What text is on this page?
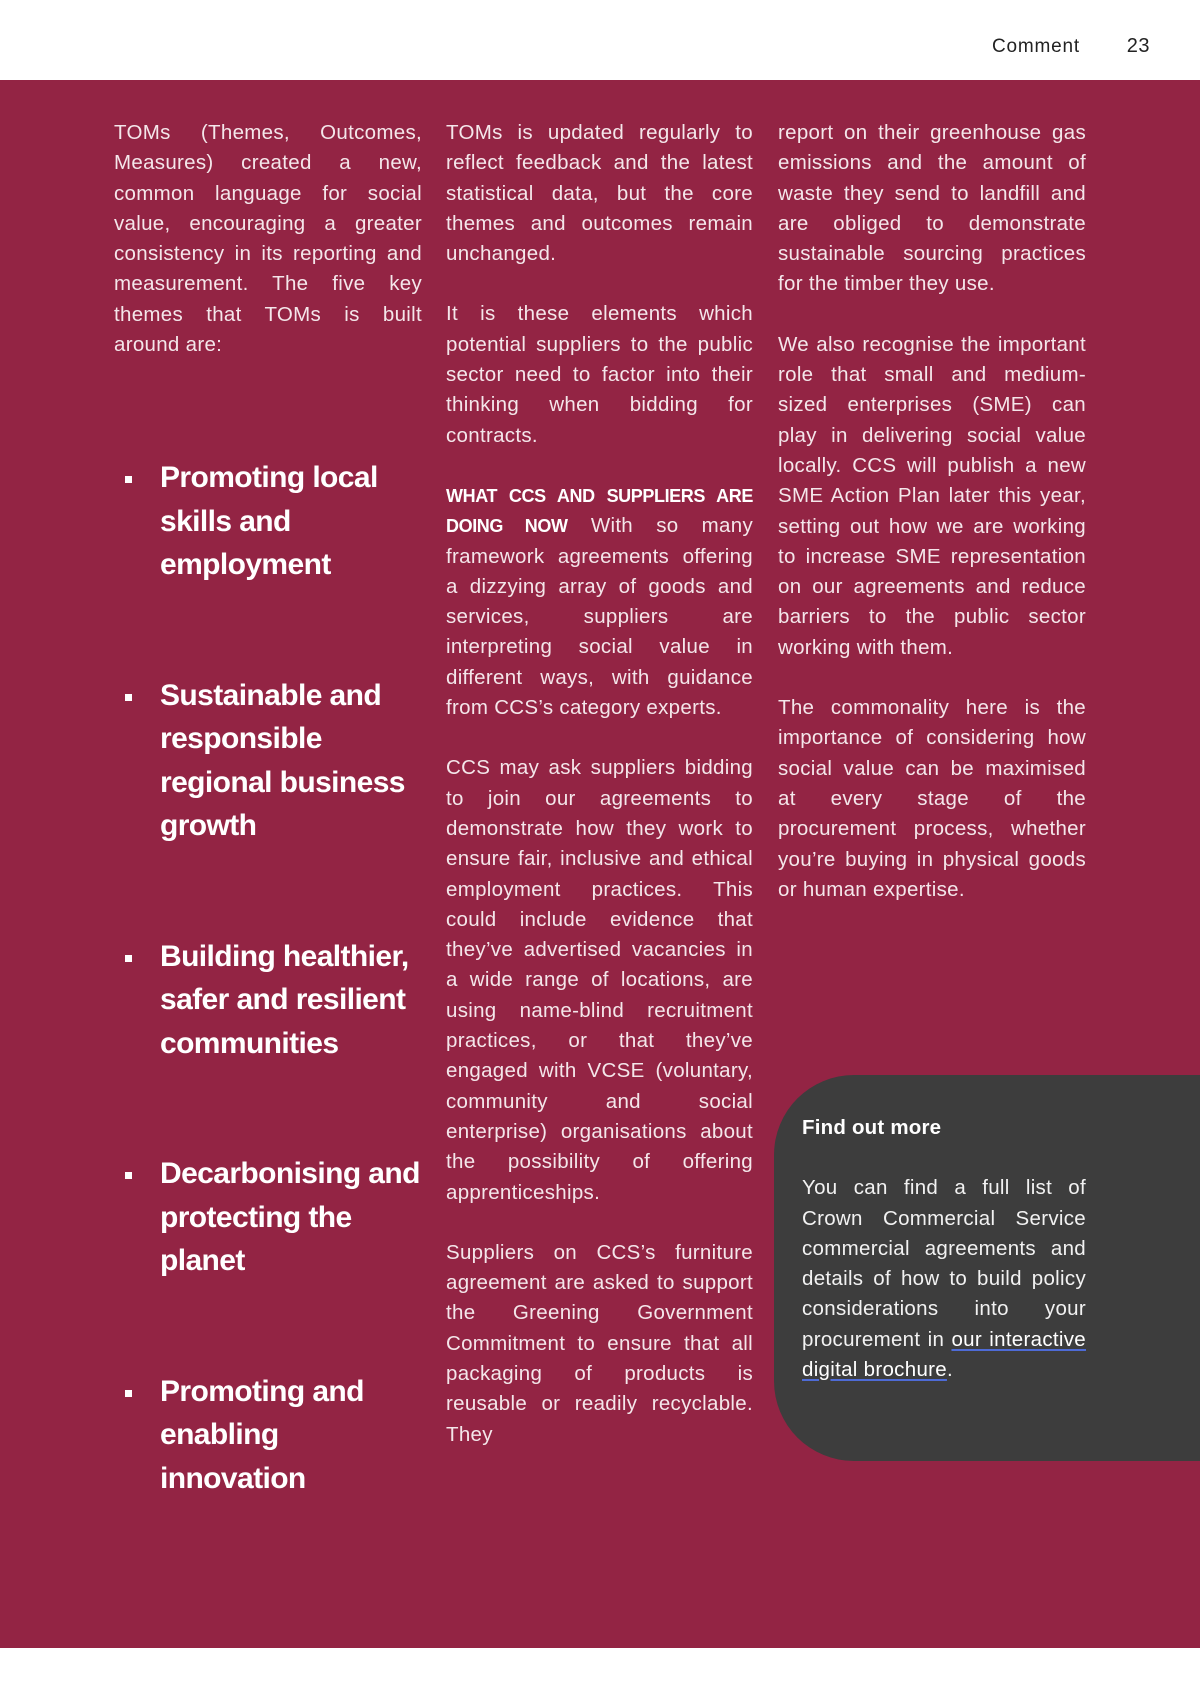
Comment 23

TOMs (Themes, Outcomes, Measures) created a new, common language for social value, encouraging a greater consistency in its reporting and measurement. The five key themes that TOMs is built around are:

Promoting local skills and employment
Sustainable and responsible regional business growth
Building healthier, safer and resilient communities
Decarbonising and protecting the planet
Promoting and enabling innovation

TOMs is updated regularly to reflect feedback and the latest statistical data, but the core themes and outcomes remain unchanged.

It is these elements which potential suppliers to the public sector need to factor into their thinking when bidding for contracts.

WHAT CCS AND SUPPLIERS ARE DOING NOW With so many framework agreements offering a dizzying array of goods and services, suppliers are interpreting social value in different ways, with guidance from CCS’s category experts.

CCS may ask suppliers bidding to join our agreements to demonstrate how they work to ensure fair, inclusive and ethical employment practices. This could include evidence that they’ve advertised vacancies in a wide range of locations, are using name-blind recruitment practices, or that they’ve engaged with VCSE (voluntary, community and social enterprise) organisations about the possibility of offering apprenticeships.

Suppliers on CCS’s furniture agreement are asked to support the Greening Government Commitment to ensure that all packaging of products is reusable or readily recyclable. They

report on their greenhouse gas emissions and the amount of waste they send to landfill and are obliged to demonstrate sustainable sourcing practices for the timber they use.

We also recognise the important role that small and medium-sized enterprises (SME) can play in delivering social value locally. CCS will publish a new SME Action Plan later this year, setting out how we are working to increase SME representation on our agreements and reduce barriers to the public sector working with them.

The commonality here is the importance of considering how social value can be maximised at every stage of the procurement process, whether you’re buying in physical goods or human expertise.

Find out more

You can find a full list of Crown Commercial Service commercial agreements and details of how to build policy considerations into your procurement in our interactive digital brochure.
